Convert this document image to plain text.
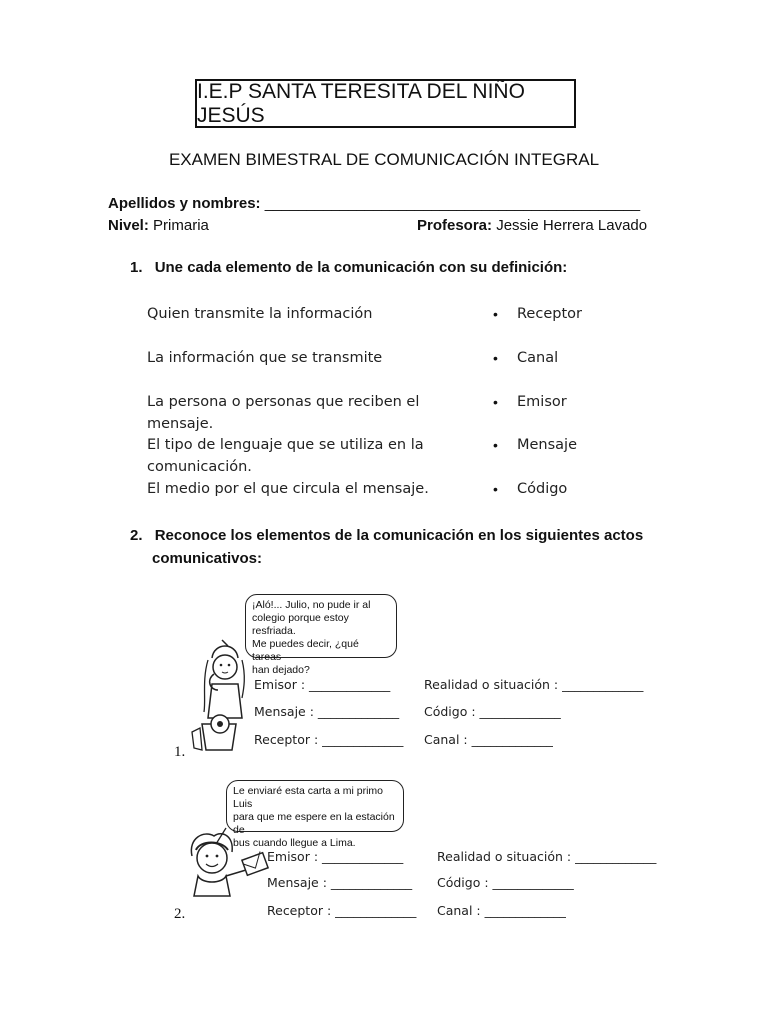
I.E.P SANTA TERESITA DEL NIÑO JESÚS
EXAMEN BIMESTRAL DE COMUNICACIÓN INTEGRAL
Apellidos y nombres: _____________________________________________
Nivel: Primaria	Profesora: Jessie Herrera Lavado
1. Une cada elemento de la comunicación con su definición:
Quien transmite la información
La información que se transmite
La persona o personas que reciben el
mensaje.
El tipo de lenguaje que se utiliza en la
comunicación.
El medio por el que circula el mensaje.
•
•
•
•
•
Receptor
Canal
Emisor
Mensaje
Código
2. Reconoce los elementos de la comunicación en los siguientes actos
comunicativos:

¡Aló!... Julio, no pude ir al

colegio porque estoy resfriada.

Me puedes decir, ¿qué tareas

han dejado?

1.
Emisor : _____________
Mensaje : _____________
Receptor : _____________
Realidad o situación : _____________
Código : _____________
Canal : _____________

Le enviaré esta carta a mi primo Luis

para que me espere en la estación de

bus cuando llegue a Lima.

2.
Emisor : _____________
Mensaje : _____________
Receptor : _____________
Realidad o situación : _____________
Código : _____________
Canal : _____________
